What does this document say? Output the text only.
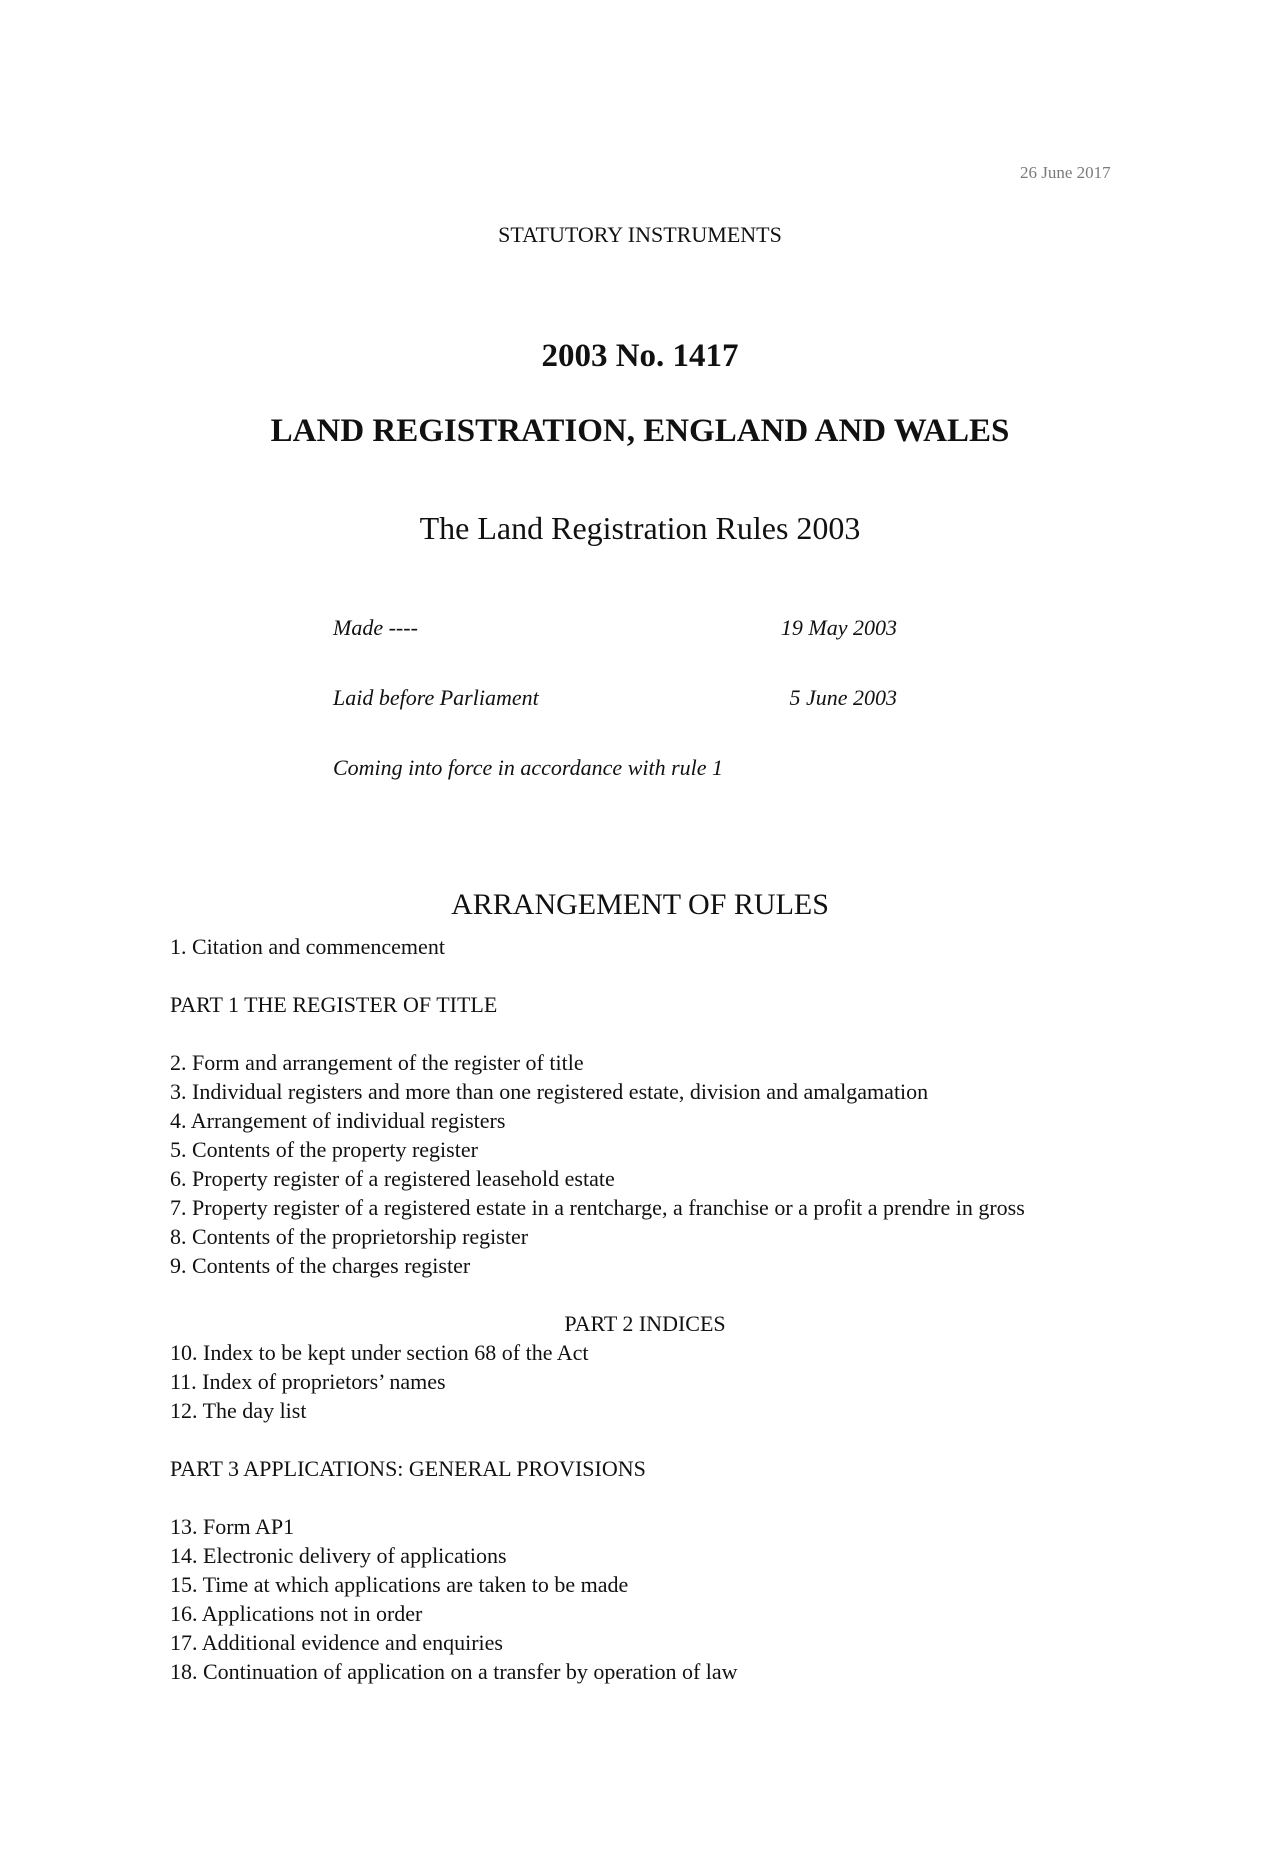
26 June 2017
STATUTORY INSTRUMENTS
2003 No. 1417
LAND REGISTRATION, ENGLAND AND WALES
The Land Registration Rules 2003
Made ----	19 May 2003
Laid before Parliament	5 June 2003
Coming into force in accordance with rule 1
ARRANGEMENT OF RULES
1. Citation and commencement
PART 1 THE REGISTER OF TITLE
2. Form and arrangement of the register of title
3. Individual registers and more than one registered estate, division and amalgamation
4. Arrangement of individual registers
5. Contents of the property register
6. Property register of a registered leasehold estate
7. Property register of a registered estate in a rentcharge, a franchise or a profit a prendre in gross
8. Contents of the proprietorship register
9. Contents of the charges register
PART 2 INDICES
10. Index to be kept under section 68 of the Act
11. Index of proprietors’ names
12. The day list
PART 3 APPLICATIONS: GENERAL PROVISIONS
13. Form AP1
14. Electronic delivery of applications
15. Time at which applications are taken to be made
16. Applications not in order
17. Additional evidence and enquiries
18. Continuation of application on a transfer by operation of law
